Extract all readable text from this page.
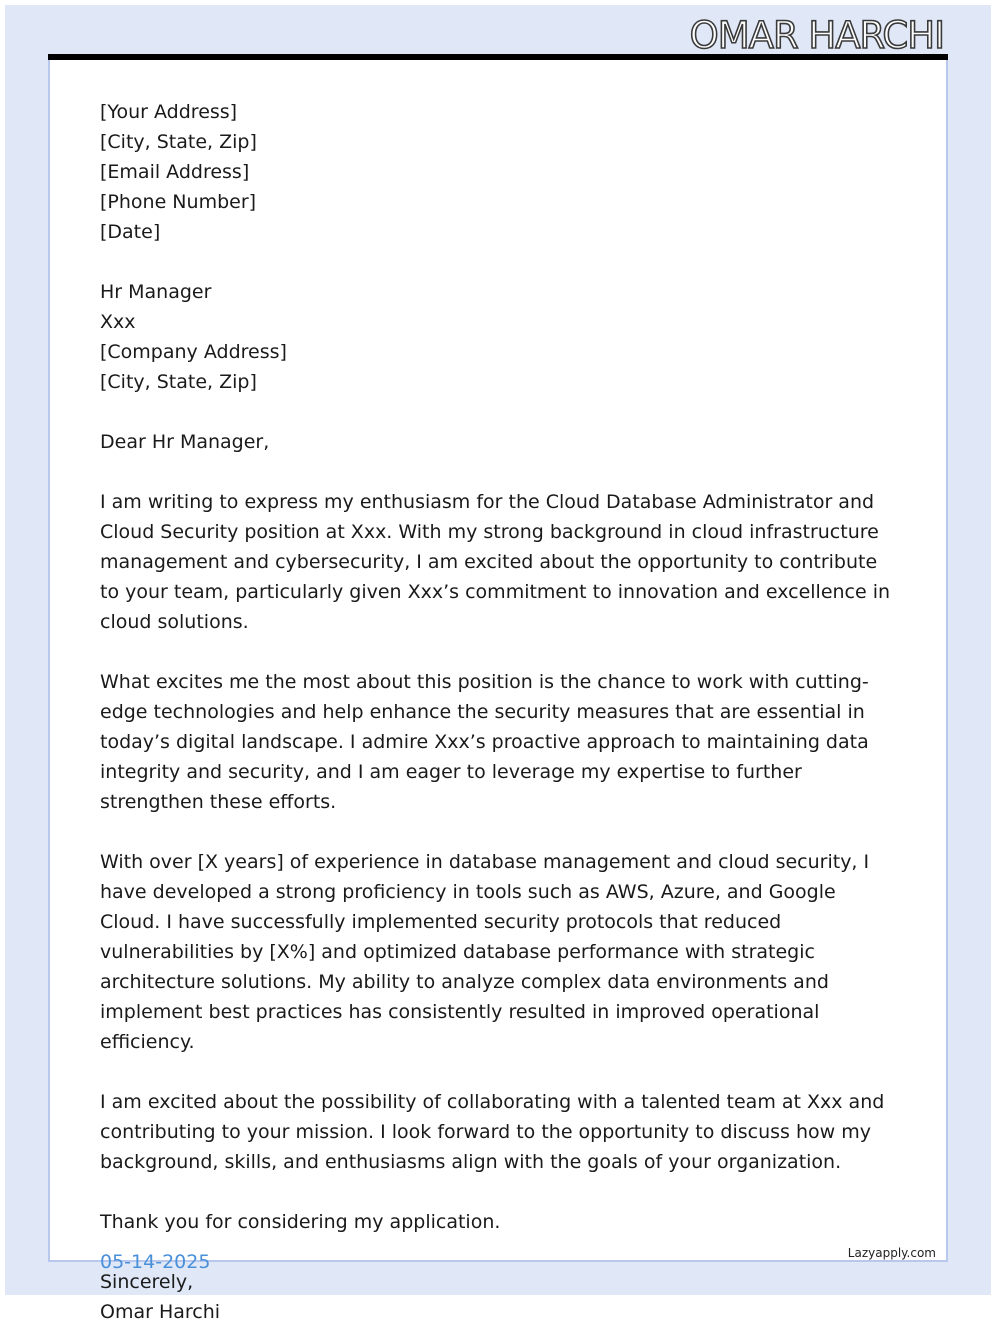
OMAR HARCHI
[Your Address]
[City, State, Zip]
[Email Address]
[Phone Number]
[Date]
Hr Manager
Xxx
[Company Address]
[City, State, Zip]
Dear Hr Manager,
I am writing to express my enthusiasm for the Cloud Database Administrator and Cloud Security position at Xxx. With my strong background in cloud infrastructure management and cybersecurity, I am excited about the opportunity to contribute to your team, particularly given Xxx’s commitment to innovation and excellence in cloud solutions.
What excites me the most about this position is the chance to work with cutting-edge technologies and help enhance the security measures that are essential in today’s digital landscape. I admire Xxx’s proactive approach to maintaining data integrity and security, and I am eager to leverage my expertise to further strengthen these efforts.
With over [X years] of experience in database management and cloud security, I have developed a strong proficiency in tools such as AWS, Azure, and Google Cloud. I have successfully implemented security protocols that reduced vulnerabilities by [X%] and optimized database performance with strategic architecture solutions. My ability to analyze complex data environments and implement best practices has consistently resulted in improved operational efficiency.
I am excited about the possibility of collaborating with a talented team at Xxx and contributing to your mission. I look forward to the opportunity to discuss how my background, skills, and enthusiasms align with the goals of your organization.
Thank you for considering my application.
Sincerely,
Omar Harchi
05-14-2025	Lazyapply.com
